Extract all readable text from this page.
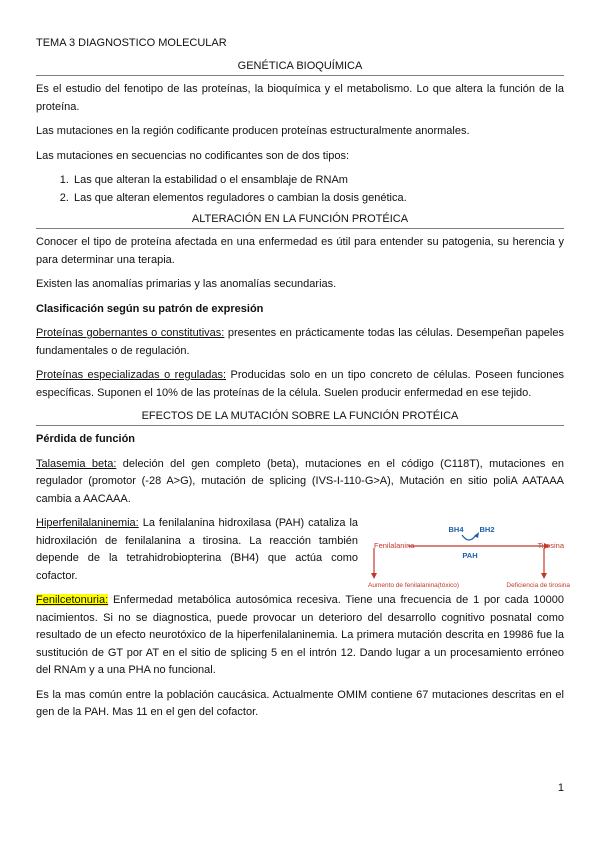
TEMA 3 DIAGNOSTICO MOLECULAR

GENÉTICA BIOQUÍMICA

Es el estudio del fenotipo de las proteínas, la bioquímica y el metabolismo. Lo que altera la función de la proteína.

Las mutaciones en la región codificante producen proteínas estructuralmente anormales.

Las mutaciones en secuencias no codificantes son de dos tipos:

1. Las que alteran la estabilidad o el ensamblaje de RNAm
2. Las que alteran elementos reguladores o cambian la dosis genética.
ALTERACIÓN EN LA FUNCIÓN PROTÉICA

Conocer el tipo de proteína afectada en una enfermedad es útil para entender su patogenia, su herencia y para determinar una terapia.

Existen las anomalías primarias y las anomalías secundarias.

Clasificación según su patrón de expresión

Proteínas gobernantes o constitutivas: presentes en prácticamente todas las células. Desempeñan papeles fundamentales o de regulación.

Proteínas especializadas o reguladas: Producidas solo en un tipo concreto de células. Poseen funciones específicas. Suponen el 10% de las proteínas de la célula. Suelen producir enfermedad en ese tejido.

EFECTOS DE LA MUTACIÓN SOBRE LA FUNCIÓN PROTÉICA

Pérdida de función

Talasemia beta: deleción del gen completo (beta), mutaciones en el código (C118T), mutaciones en regulador (promotor (-28 A>G), mutación de splicing (IVS-I-110-G>A), Mutación en sitio poliA AATAAA cambia a AACAAA.

BH4 BH2
Fenilalanina	Tirosina
PAH
Aumento de fenilalanina(tóxico)	Deficiencia de tirosina

Hiperfenilalaninemia: La fenilalanina hidroxilasa (PAH) cataliza la hidroxilación de fenilalanina a tirosina. La reacción también depende de la tetrahidrobiopterina (BH4) que actúa como cofactor.

Fenilcetonuria: Enfermedad metabólica autosómica recesiva. Tiene una frecuencia de 1 por cada 10000 nacimientos. Si no se diagnostica, puede provocar un deterioro del desarrollo cognitivo posnatal como resultado de un efecto neurotóxico de la hiperfenilalaninemia. La primera mutación descrita en 19986 fue la sustitución de GT por AT en el sitio de splicing 5 en el intrón 12. Dando lugar a un procesamiento erróneo del RNAm y a una PHA no funcional.

Es la mas común entre la población caucásica. Actualmente OMIM contiene 67 mutaciones descritas en el gen de la PAH. Mas 11 en el gen del cofactor.

1
